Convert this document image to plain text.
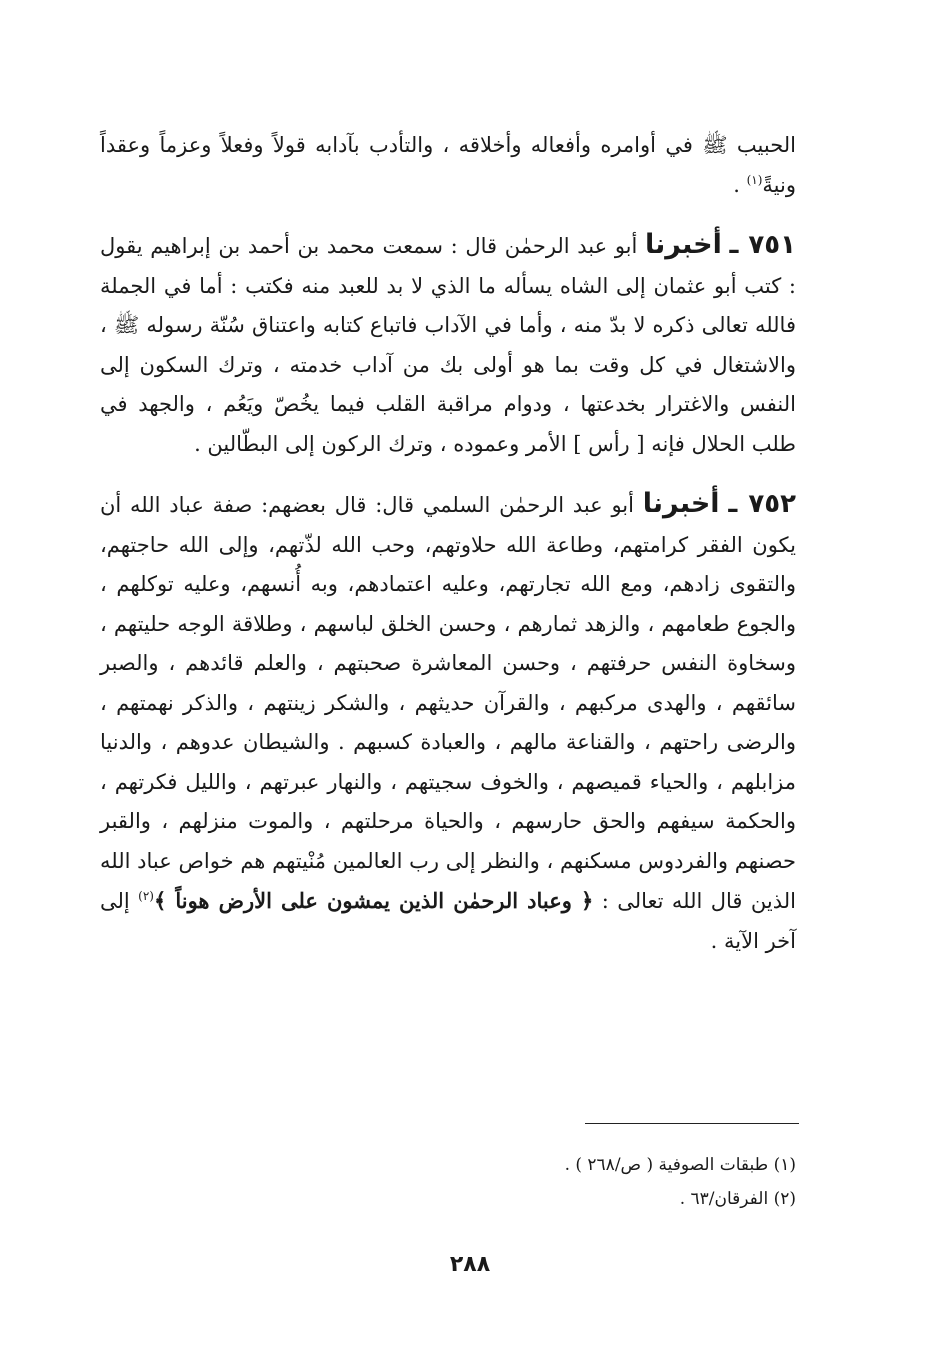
الحبيب ﷺ في أوامره وأفعاله وأخلاقه ، والتأدب بآدابه قولاً وفعلاً وعزماً وعقداً ونيةً$^{(١)}$ .

٧٥١ ـ أخبرنا أبو عبد الرحمٰن قال : سمعت محمد بن أحمد بن إبراهيم يقول : كتب أبو عثمان إلى الشاه يسأله ما الذي لا بد للعبد منه فكتب : أما في الجملة فالله تعالى ذكره لا بدّ منه ، وأما في الآداب فاتباع كتابه واعتناق سُنّة رسوله ﷺ ، والاشتغال في كل وقت بما هو أولى بك من آداب خدمته ، وترك السكون إلى النفس والاغترار بخدعتها ، ودوام مراقبة القلب فيما يخُصّ ويَعُم ، والجهد في طلب الحلال فإنه [ رأس ] الأمر وعموده ، وترك الركون إلى البطّالين .

٧٥٢ ـ أخبرنا أبو عبد الرحمٰن السلمي قال: قال بعضهم: صفة عباد الله أن يكون الفقر كرامتهم، وطاعة الله حلاوتهم، وحب الله لذّتهم، وإلى الله حاجتهم، والتقوى زادهم، ومع الله تجارتهم، وعليه اعتمادهم، وبه أُنسهم، وعليه توكلهم ، والجوع طعامهم ، والزهد ثمارهم ، وحسن الخلق لباسهم ، وطلاقة الوجه حليتهم ، وسخاوة النفس حرفتهم ، وحسن المعاشرة صحبتهم ، والعلم قائدهم ، والصبر سائقهم ، والهدى مركبهم ، والقرآن حديثهم ، والشكر زينتهم ، والذكر نهمتهم ، والرضى راحتهم ، والقناعة مالهم ، والعبادة كسبهم . والشيطان عدوهم ، والدنيا مزابلهم ، والحياء قميصهم ، والخوف سجيتهم ، والنهار عبرتهم ، والليل فكرتهم ، والحكمة سيفهم والحق حارسهم ، والحياة مرحلتهم ، والموت منزلهم ، والقبر حصنهم والفردوس مسكنهم ، والنظر إلى رب العالمين مُنْيتهم هم خواص عباد الله الذين قال الله تعالى : ﴿ وعباد الرحمٰن الذين يمشون على الأرض هوناً ﴾$^{(٢)}$ إلى آخر الآية .

(١) طبقات الصوفية ( ص/٢٦٨ ) .

(٢) الفرقان/٦٣ .

٢٨٨
